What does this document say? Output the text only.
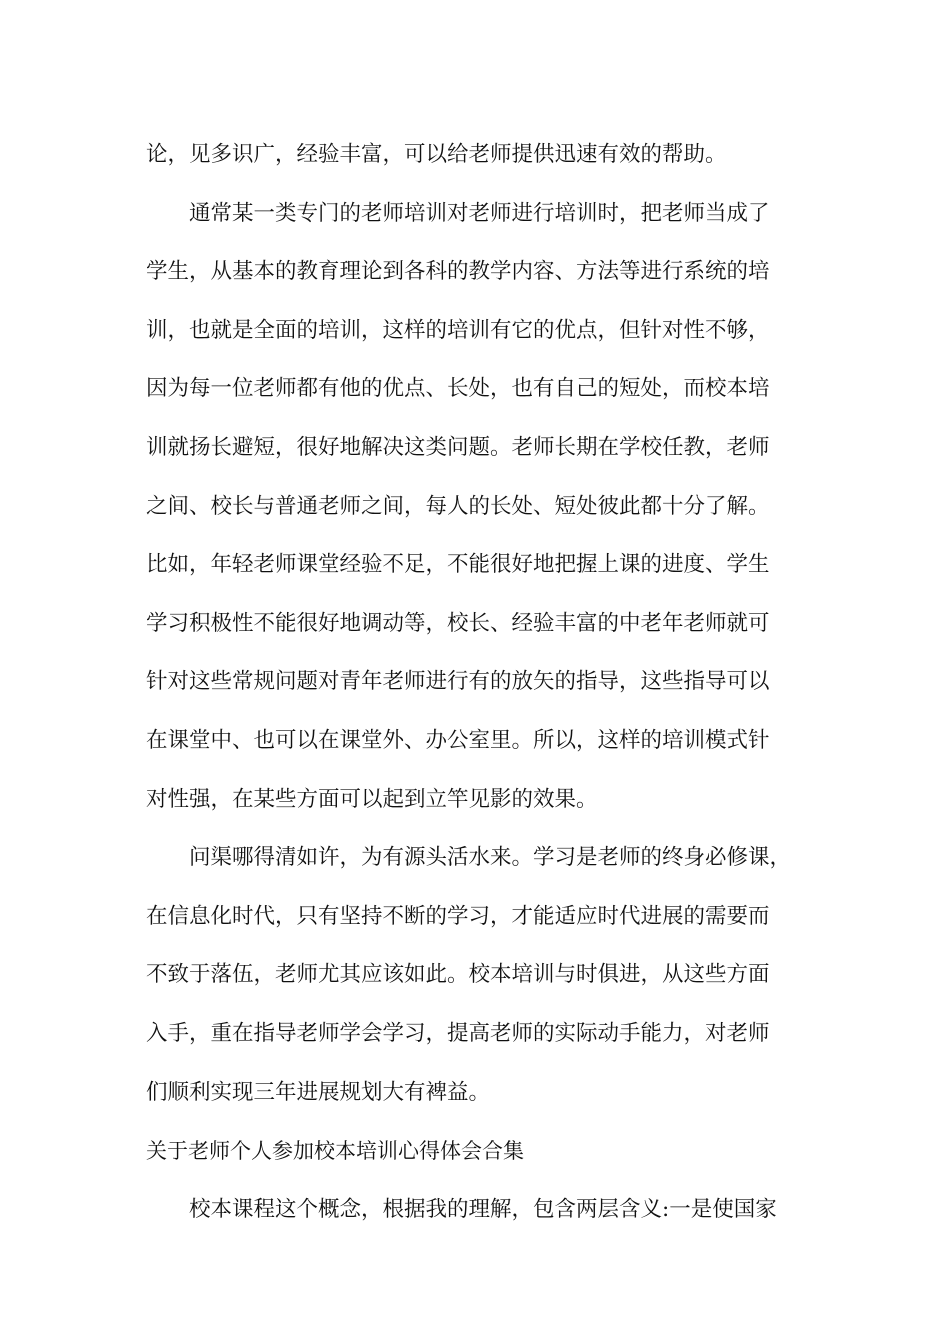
论，见多识广，经验丰富，可以给老师提供迅速有效的帮助。
通常某一类专门的老师培训对老师进行培训时，把老师当成了
学生，从基本的教育理论到各科的教学内容、方法等进行系统的培
训，也就是全面的培训，这样的培训有它的优点，但针对性不够，
因为每一位老师都有他的优点、长处，也有自己的短处，而校本培
训就扬长避短，很好地解决这类问题。老师长期在学校任教，老师
之间、校长与普通老师之间，每人的长处、短处彼此都十分了解。
比如，年轻老师课堂经验不足，不能很好地把握上课的进度、学生
学习积极性不能很好地调动等，校长、经验丰富的中老年老师就可
针对这些常规问题对青年老师进行有的放矢的指导，这些指导可以
在课堂中、也可以在课堂外、办公室里。所以，这样的培训模式针
对性强，在某些方面可以起到立竿见影的效果。
问渠哪得清如许，为有源头活水来。学习是老师的终身必修课，
在信息化时代，只有坚持不断的学习，才能适应时代进展的需要而
不致于落伍，老师尤其应该如此。校本培训与时俱进，从这些方面
入手，重在指导老师学会学习，提高老师的实际动手能力，对老师
们顺利实现三年进展规划大有裨益。
关于老师个人参加校本培训心得体会合集
校本课程这个概念，根据我的理解，包含两层含义:一是使国家
